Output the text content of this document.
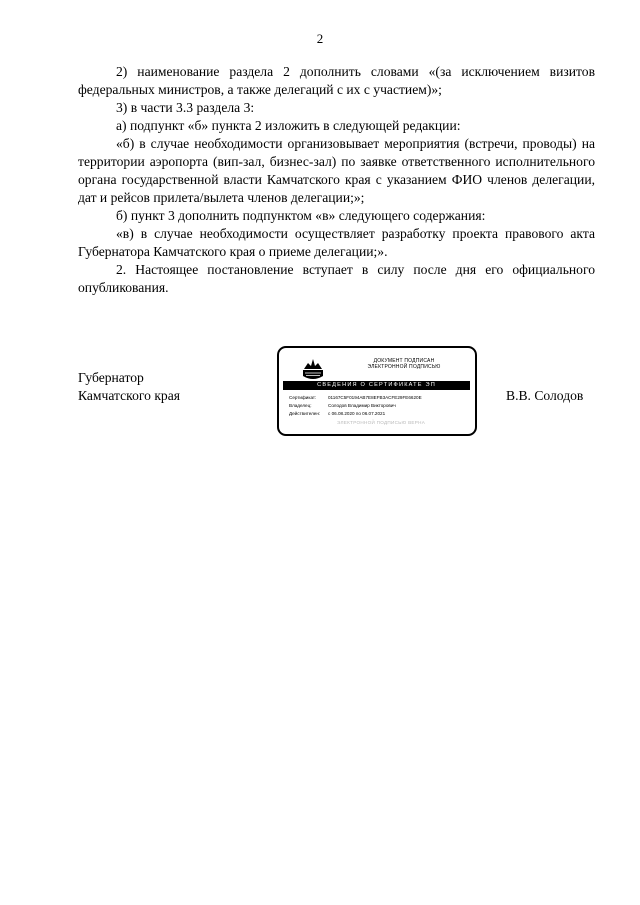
2

2) наименование раздела 2 дополнить словами «(за исключением визитов федеральных министров, а также делегаций с их с участием)»;

3) в части 3.3 раздела 3:

а) подпункт «б» пункта 2 изложить в следующей редакции:

«б) в случае необходимости организовывает мероприятия (встречи, проводы) на территории аэропорта (вип-зал, бизнес-зал) по заявке ответственного исполнительного органа государственной власти Камчатского края с указанием ФИО членов делегации, дат и рейсов прилета/вылета членов делегации;»;

б) пункт 3 дополнить подпунктом «в» следующего содержания:

«в) в случае необходимости осуществляет разработку проекта правового акта Губернатора Камчатского края о приеме делегации;».

2. Настоящее постановление вступает в силу после дня его официального опубликования.

Губернатор
Камчатского края
ДОКУМЕНТ ПОДПИСАН
ЭЛЕКТРОННОЙ ПОДПИСЬЮ
СВЕДЕНИЯ О СЕРТИФИКАТЕ ЭП
Сертификат:	01167C5F0194AB7E8EFB3ACFE29FE6620E
Владелец:	Солодов Владимир Викторович
Действителен: с 06.08.2020 по 06.07.2021
ЭЛЕКТРОННОЙ ПОДПИСЬЮ ВЕРНА
В.В. Солодов
